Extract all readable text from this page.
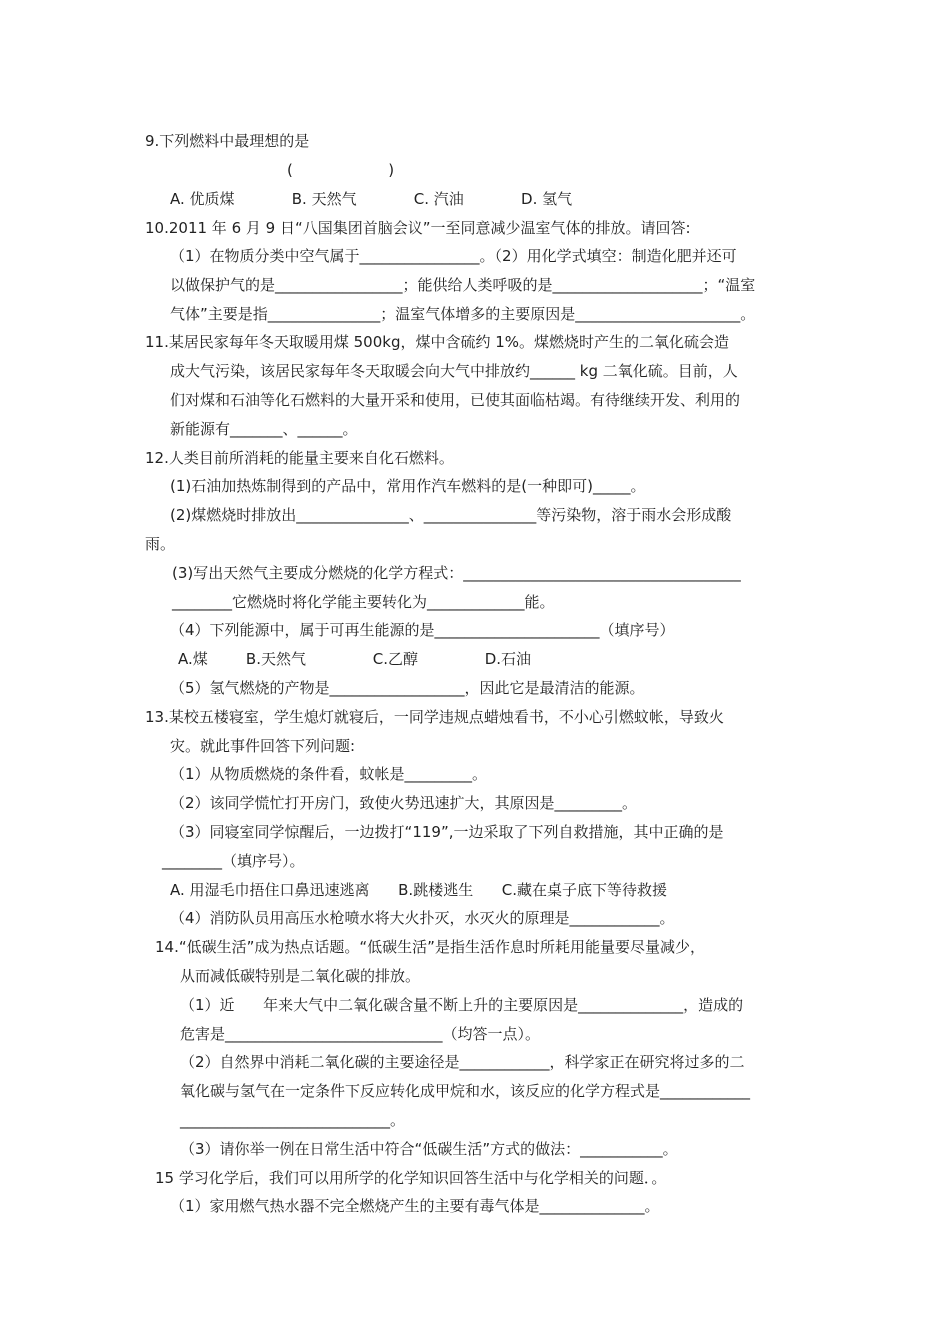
9.下列燃料中最理想的是
(                    )
A. 优质煤            B. 天然气            C. 汽油            D. 氢气
10.2011 年 6 月 9 日“八国集团首脑会议”一至同意减少温室气体的排放。请回答:
（1）在物质分类中空气属于________________。（2）用化学式填空：制造化肥并还可
以做保护气的是_________________；能供给人类呼吸的是____________________；“温室
气体”主要是指_______________；温室气体增多的主要原因是______________________。
11.某居民家每年冬天取暖用煤 500kg，煤中含硫约 1%。煤燃烧时产生的二氧化硫会造
成大气污染，该居民家每年冬天取暖会向大气中排放约______ kg 二氧化硫。目前，人
们对煤和石油等化石燃料的大量开采和使用，已使其面临枯竭。有待继续开发、利用的
新能源有_______、______。
12.人类目前所消耗的能量主要来自化石燃料。
(1)石油加热炼制得到的产品中，常用作汽车燃料的是(一种即可)_____。
(2)煤燃烧时排放出_______________、_______________等污染物，溶于雨水会形成酸
雨。
(3)写出天然气主要成分燃烧的化学方程式：_____________________________________
________它燃烧时将化学能主要转化为_____________能。
（4）下列能源中，属于可再生能源的是______________________（填序号）
A.煤        B.天然气              C.乙醇              D.石油
（5）氢气燃烧的产物是__________________，因此它是最清洁的能源。
13.某校五楼寝室，学生熄灯就寝后，一同学违规点蜡烛看书，不小心引燃蚊帐，导致火
灾。就此事件回答下列问题:
（1）从物质燃烧的条件看，蚊帐是_________。
（2）该同学慌忙打开房门，致使火势迅速扩大，其原因是_________。
（3）同寝室同学惊醒后，一边拨打“119”,一边采取了下列自救措施，其中正确的是
________（填序号）。
A. 用湿毛巾捂住口鼻迅速逃离      B.跳楼逃生      C.藏在桌子底下等待救援
（4）消防队员用高压水枪喷水将大火扑灭，水灭火的原理是____________。
14.“低碳生活”成为热点话题。“低碳生活”是指生活作息时所耗用能量要尽量减少，
从而减低碳特别是二氧化碳的排放。
（1）近      年来大气中二氧化碳含量不断上升的主要原因是______________，造成的
危害是_____________________________（均答一点）。
（2）自然界中消耗二氧化碳的主要途径是____________，科学家正在研究将过多的二
氧化碳与氢气在一定条件下反应转化成甲烷和水，该反应的化学方程式是____________
____________________________。
（3）请你举一例在日常生活中符合“低碳生活”方式的做法：___________。
15 学习化学后，我们可以用所学的化学知识回答生活中与化学相关的问题．。
（1）家用燃气热水器不完全燃烧产生的主要有毒气体是______________。
